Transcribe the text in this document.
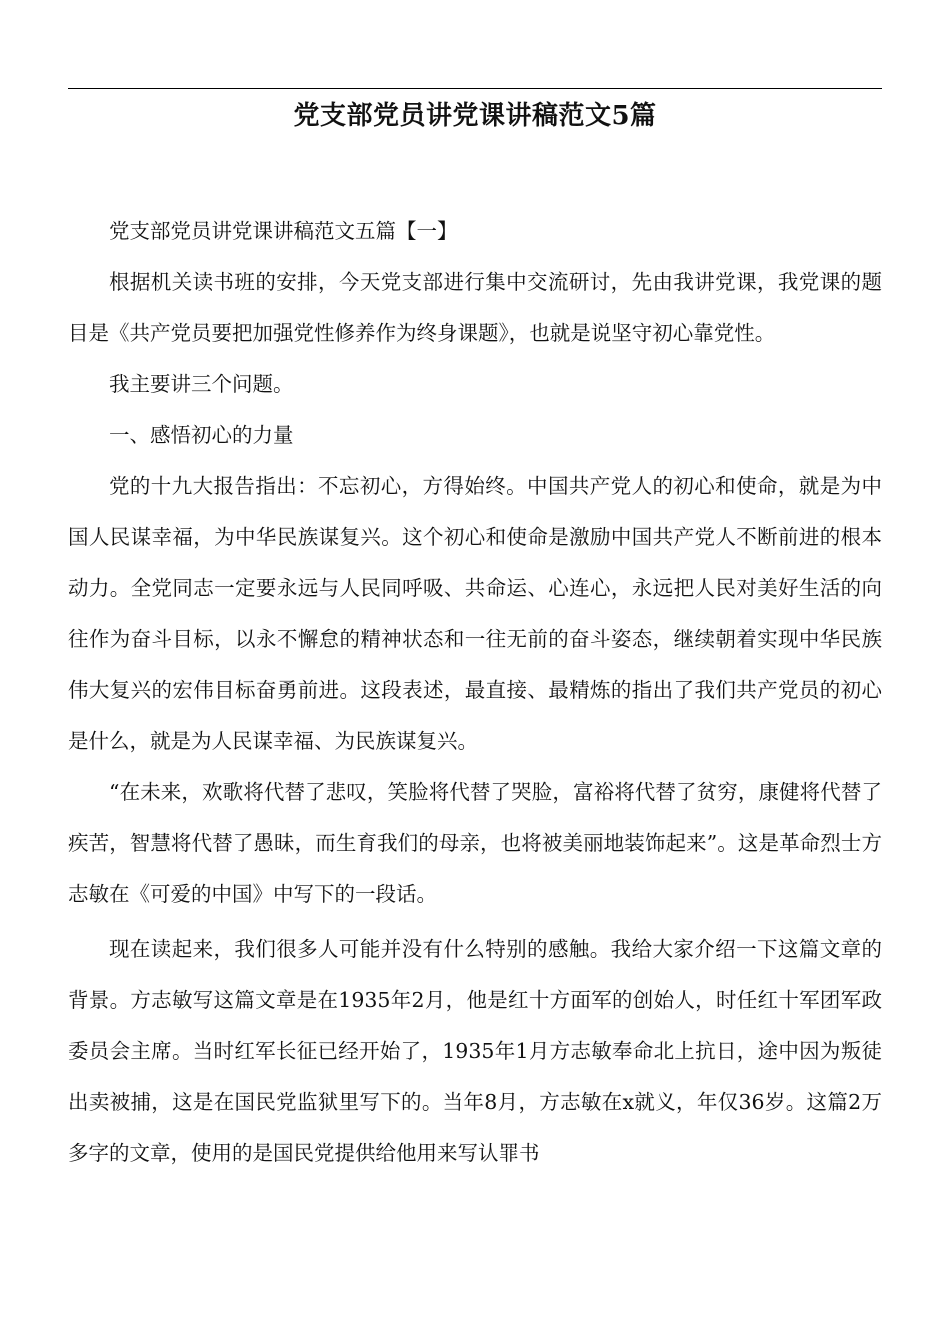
党支部党员讲党课讲稿范文5篇

党支部党员讲党课讲稿范文五篇【一】

根据机关读书班的安排，今天党支部进行集中交流研讨，先由我讲党课，我党课的题目是《共产党员要把加强党性修养作为终身课题》，也就是说坚守初心靠党性。

我主要讲三个问题。

一、感悟初心的力量

党的十九大报告指出：不忘初心，方得始终。中国共产党人的初心和使命，就是为中国人民谋幸福，为中华民族谋复兴。这个初心和使命是激励中国共产党人不断前进的根本动力。全党同志一定要永远与人民同呼吸、共命运、心连心，永远把人民对美好生活的向往作为奋斗目标，以永不懈怠的精神状态和一往无前的奋斗姿态，继续朝着实现中华民族伟大复兴的宏伟目标奋勇前进。这段表述，最直接、最精炼的指出了我们共产党员的初心是什么，就是为人民谋幸福、为民族谋复兴。

“在未来，欢歌将代替了悲叹，笑脸将代替了哭脸，富裕将代替了贫穷，康健将代替了疾苦，智慧将代替了愚昧，而生育我们的母亲，也将被美丽地装饰起来”。这是革命烈士方志敏在《可爱的中国》中写下的一段话。

现在读起来，我们很多人可能并没有什么特别的感触。我给大家介绍一下这篇文章的背景。方志敏写这篇文章是在1935年2月，他是红十方面军的创始人，时任红十军团军政委员会主席。当时红军长征已经开始了，1935年1月方志敏奉命北上抗日，途中因为叛徒出卖被捕，这是在国民党监狱里写下的。当年8月，方志敏在x就义，年仅36岁。这篇2万多字的文章，使用的是国民党提供给他用来写认罪书
